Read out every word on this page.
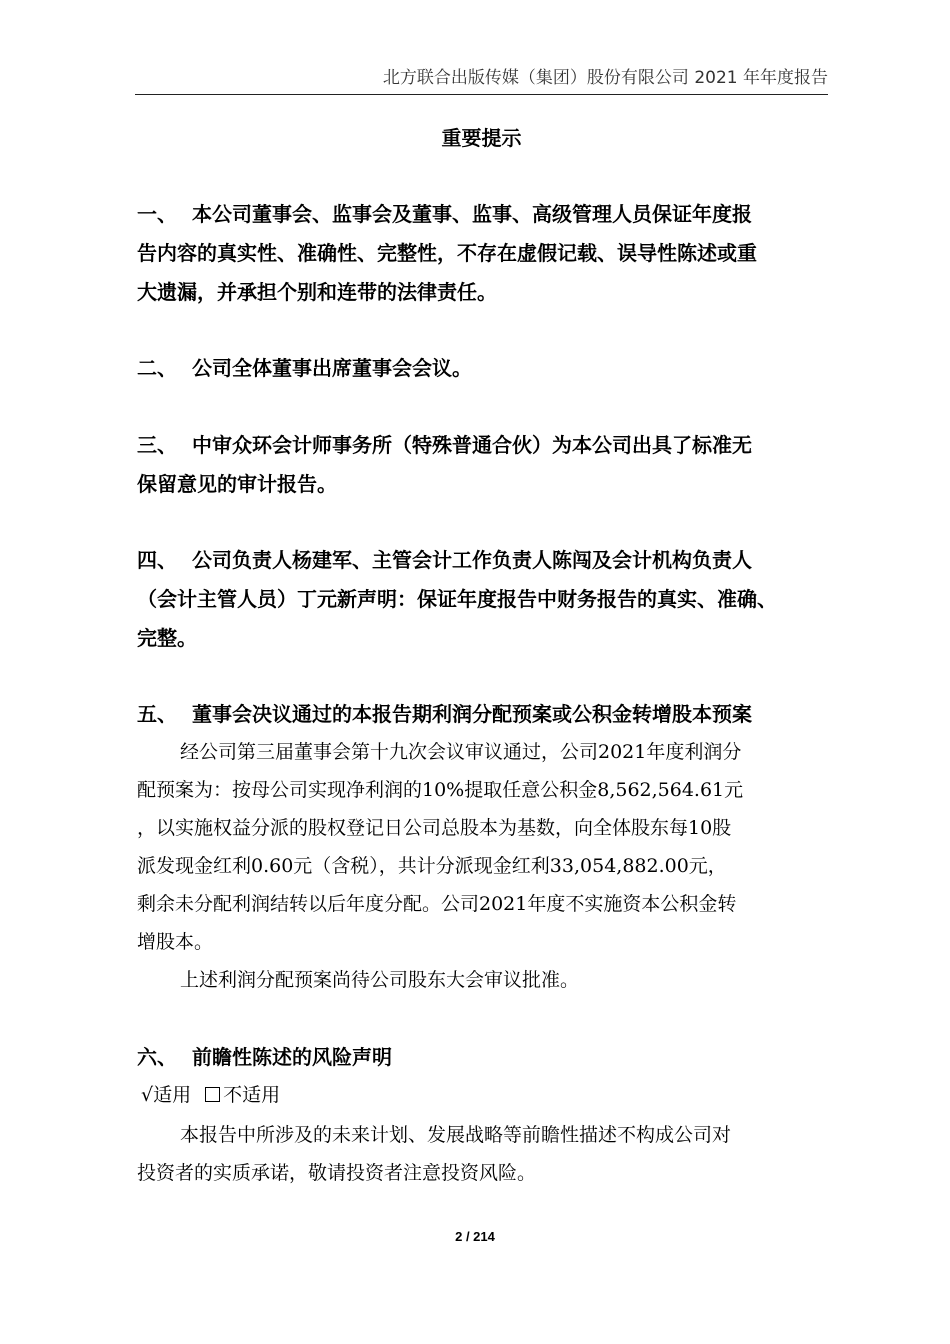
北方联合出版传媒（集团）股份有限公司 2021 年年度报告
重要提示
一、 本公司董事会、监事会及董事、监事、高级管理人员保证年度报
告内容的真实性、准确性、完整性，不存在虚假记载、误导性陈述或重
大遗漏，并承担个别和连带的法律责任。
二、 公司全体董事出席董事会会议。
三、 中审众环会计师事务所（特殊普通合伙）为本公司出具了标准无
保留意见的审计报告。
四、 公司负责人杨建军、主管会计工作负责人陈闯及会计机构负责人
（会计主管人员）丁元新声明：保证年度报告中财务报告的真实、准确、
完整。
五、 董事会决议通过的本报告期利润分配预案或公积金转增股本预案
经公司第三届董事会第十九次会议审议通过，公司2021年度利润分
配预案为：按母公司实现净利润的10%提取任意公积金8,562,564.61元
，以实施权益分派的股权登记日公司总股本为基数，向全体股东每10股
派发现金红利0.60元（含税），共计分派现金红利33,054,882.00元，
剩余未分配利润结转以后年度分配。公司2021年度不实施资本公积金转
增股本。
上述利润分配预案尚待公司股东大会审议批准。
六、 前瞻性陈述的风险声明
√适用 不适用
本报告中所涉及的未来计划、发展战略等前瞻性描述不构成公司对
投资者的实质承诺，敬请投资者注意投资风险。
2 / 214
